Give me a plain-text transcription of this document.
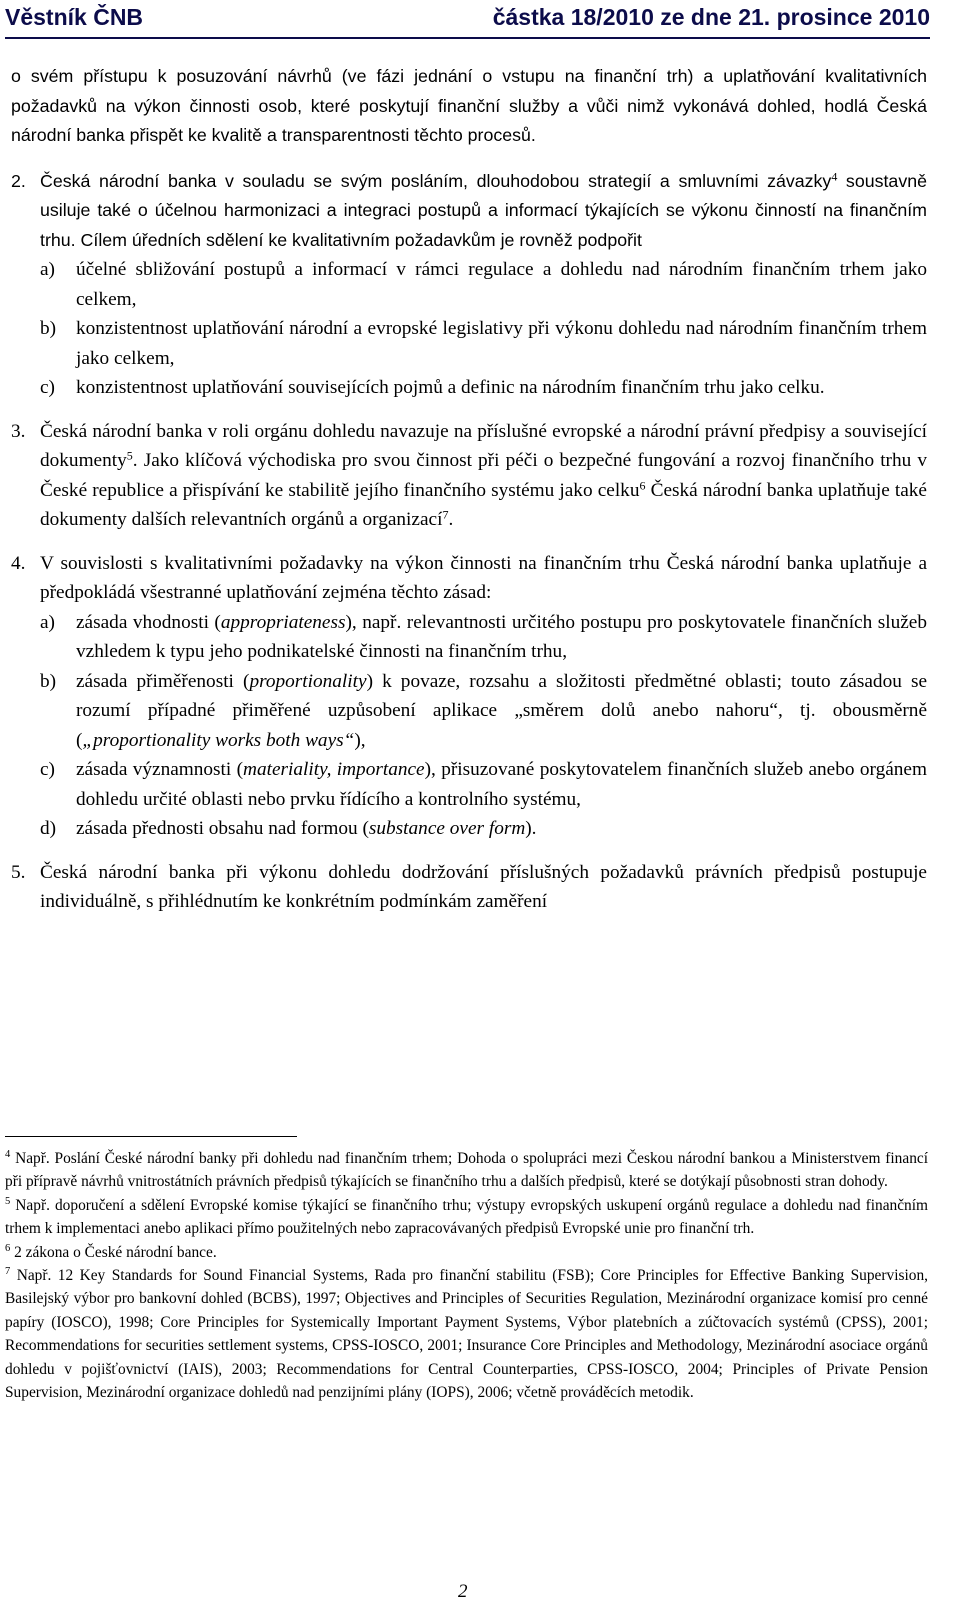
Věstník ČNB	částka 18/2010 ze dne 21. prosince 2010

o svém přístupu k posuzování návrhů (ve fázi jednání o vstupu na finanční trh) a uplatňování kvalitativních požadavků na výkon činnosti osob, které poskytují finanční služby a vůči nimž vykonává dohled, hodlá Česká národní banka přispět ke kvalitě a transparentnosti těchto procesů.

2. Česká národní banka v souladu se svým posláním, dlouhodobou strategií a smluvními závazky$^4$ soustavně usiluje také o účelnou harmonizaci a integraci postupů a informací týkajících se výkonu činností na finančním trhu. Cílem úředních sdělení ke kvalitativním požadavkům je rovněž podpořit

a)	účelné sbližování postupů a informací v rámci regulace a dohledu nad národním finančním trhem jako celkem,
b)	konzistentnost uplatňování národní a evropské legislativy při výkonu dohledu nad národním finančním trhem jako celkem,
c)	konzistentnost uplatňování souvisejících pojmů a definic na národním finančním trhu jako celku.
3. Česká národní banka v roli orgánu dohledu navazuje na příslušné evropské a národní právní předpisy a související dokumenty$^5$. Jako klíčová východiska pro svou činnost při péči o bezpečné fungování a rozvoj finančního trhu v České republice a přispívání ke stabilitě jejího finančního systému jako celku$^6$ Česká národní banka uplatňuje také dokumenty dalších relevantních orgánů a organizací$^7$.

4. V souvislosti s kvalitativními požadavky na výkon činnosti na finančním trhu Česká národní banka uplatňuje a předpokládá všestranné uplatňování zejména těchto zásad:

a)	zásada vhodnosti (appropriateness), např. relevantnosti určitého postupu pro poskytovatele finančních služeb vzhledem k typu jeho podnikatelské činnosti na finančním trhu,
b)	zásada přiměřenosti (proportionality) k povaze, rozsahu a složitosti předmětné oblasti; touto zásadou se rozumí případné přiměřené uzpůsobení aplikace „směrem dolů anebo nahoru“, tj. obousměrně („proportionality works both ways“),
c)	zásada významnosti (materiality, importance), přisuzované poskytovatelem finančních služeb anebo orgánem dohledu určité oblasti nebo prvku řídícího a kontrolního systému,
d)	zásada přednosti obsahu nad formou (substance over form).
5. Česká národní banka při výkonu dohledu dodržování příslušných požadavků právních předpisů postupuje individuálně, s přihlédnutím ke konkrétním podmínkám zaměření

$^4$ Např. Poslání České národní banky při dohledu nad finančním trhem; Dohoda o spolupráci mezi Českou národní bankou a Ministerstvem financí při přípravě návrhů vnitrostátních právních předpisů týkajících se finančního trhu a dalších předpisů, které se dotýkají působnosti stran dohody.

$^5$ Např. doporučení a sdělení Evropské komise týkající se finančního trhu; výstupy evropských uskupení orgánů regulace a dohledu nad finančním trhem k implementaci anebo aplikaci přímo použitelných nebo zapracovávaných předpisů Evropské unie pro finanční trh.

$^6$ 2 zákona o České národní bance.

$^7$ Např. 12 Key Standards for Sound Financial Systems, Rada pro finanční stabilitu (FSB); Core Principles for Effective Banking Supervision, Basilejský výbor pro bankovní dohled (BCBS), 1997; Objectives and Principles of Securities Regulation, Mezinárodní organizace komisí pro cenné papíry (IOSCO), 1998; Core Principles for Systemically Important Payment Systems, Výbor platebních a zúčtovacích systémů (CPSS), 2001; Recommendations for securities settlement systems, CPSS-IOSCO, 2001; Insurance Core Principles and Methodology, Mezinárodní asociace orgánů dohledu v pojišťovnictví (IAIS), 2003; Recommendations for Central Counterparties, CPSS-IOSCO, 2004; Principles of Private Pension Supervision, Mezinárodní organizace dohledů nad penzijními plány (IOPS), 2006; včetně prováděcích metodik.

2
